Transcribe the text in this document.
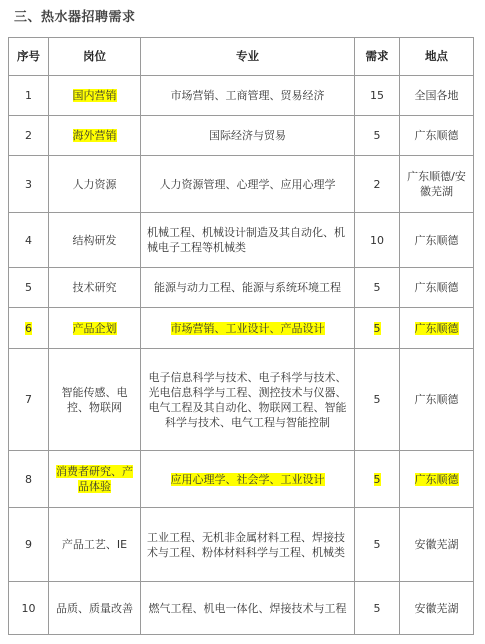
三、热水器招聘需求
序号	岗位	专业	需求	地点
1	国内营销	市场营销、工商管理、贸易经济	15	全国各地
2	海外营销	国际经济与贸易	5	广东顺德
3	人力资源	人力资源管理、心理学、应用心理学	2	广东顺德/安徽芜湖
4	结构研发	机械工程、机械设计制造及其自动化、机械电子工程等机械类	10	广东顺德
5	技术研究	能源与动力工程、能源与系统环境工程	5	广东顺德
6	产品企划	市场营销、工业设计、产品设计	5	广东顺德
7	智能传感、电控、物联网	电子信息科学与技术、电子科学与技术、光电信息科学与工程、测控技术与仪器、电气工程及其自动化、物联网工程、智能科学与技术、电气工程与智能控制	5	广东顺德
8	消费者研究、产品体验	应用心理学、社会学、工业设计	5	广东顺德
9	产品工艺、IE	工业工程、无机非金属材料工程、焊接技术与工程、粉体材料科学与工程、机械类	5	安徽芜湖
10	品质、质量改善	燃气工程、机电一体化、焊接技术与工程	5	安徽芜湖
